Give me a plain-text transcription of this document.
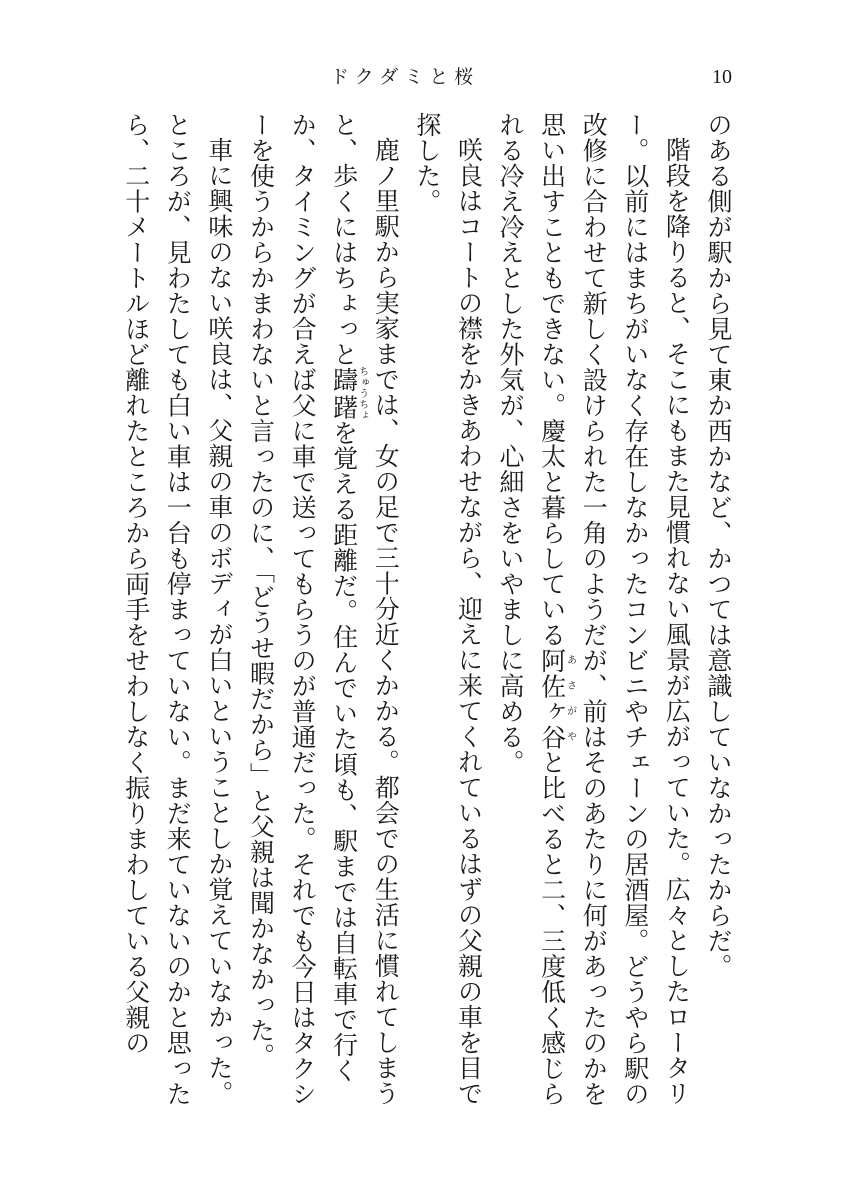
ドクダミと桜	10

のある側が駅から見て東か西かなど、かつては意識していなかったからだ。

階段を降りると、そこにもまた見慣れない風景が広がっていた。広々としたロータリー。以前にはまちがいなく存在しなかったコンビニやチェーンの居酒屋。どうやら駅の改修に合わせて新しく設けられた一角のようだが、前はそのあたりに何があったのかを思い出すこともできない。慶太と暮らしている阿佐ヶ谷あさがやと比べると二、三度低く感じられる冷え冷えとした外気が、心細さをいやましに高める。

咲良はコートの襟をかきあわせながら、迎えに来てくれているはずの父親の車を目で探した。

鹿ノ里駅から実家までは、女の足で三十分近くかかる。都会での生活に慣れてしまうと、歩くにはちょっと躊躇ちゅうちょを覚える距離だ。住んでいた頃も、駅までは自転車で行くか、タイミングが合えば父に車で送ってもらうのが普通だった。それでも今日はタクシーを使うからかまわないと言ったのに、「どうせ暇だから」と父親は聞かなかった。

車に興味のない咲良は、父親の車のボディが白いということしか覚えていなかった。ところが、見わたしても白い車は一台も停まっていない。まだ来ていないのかと思ったら、二十メートルほど離れたところから両手をせわしなく振りまわしている父親の
